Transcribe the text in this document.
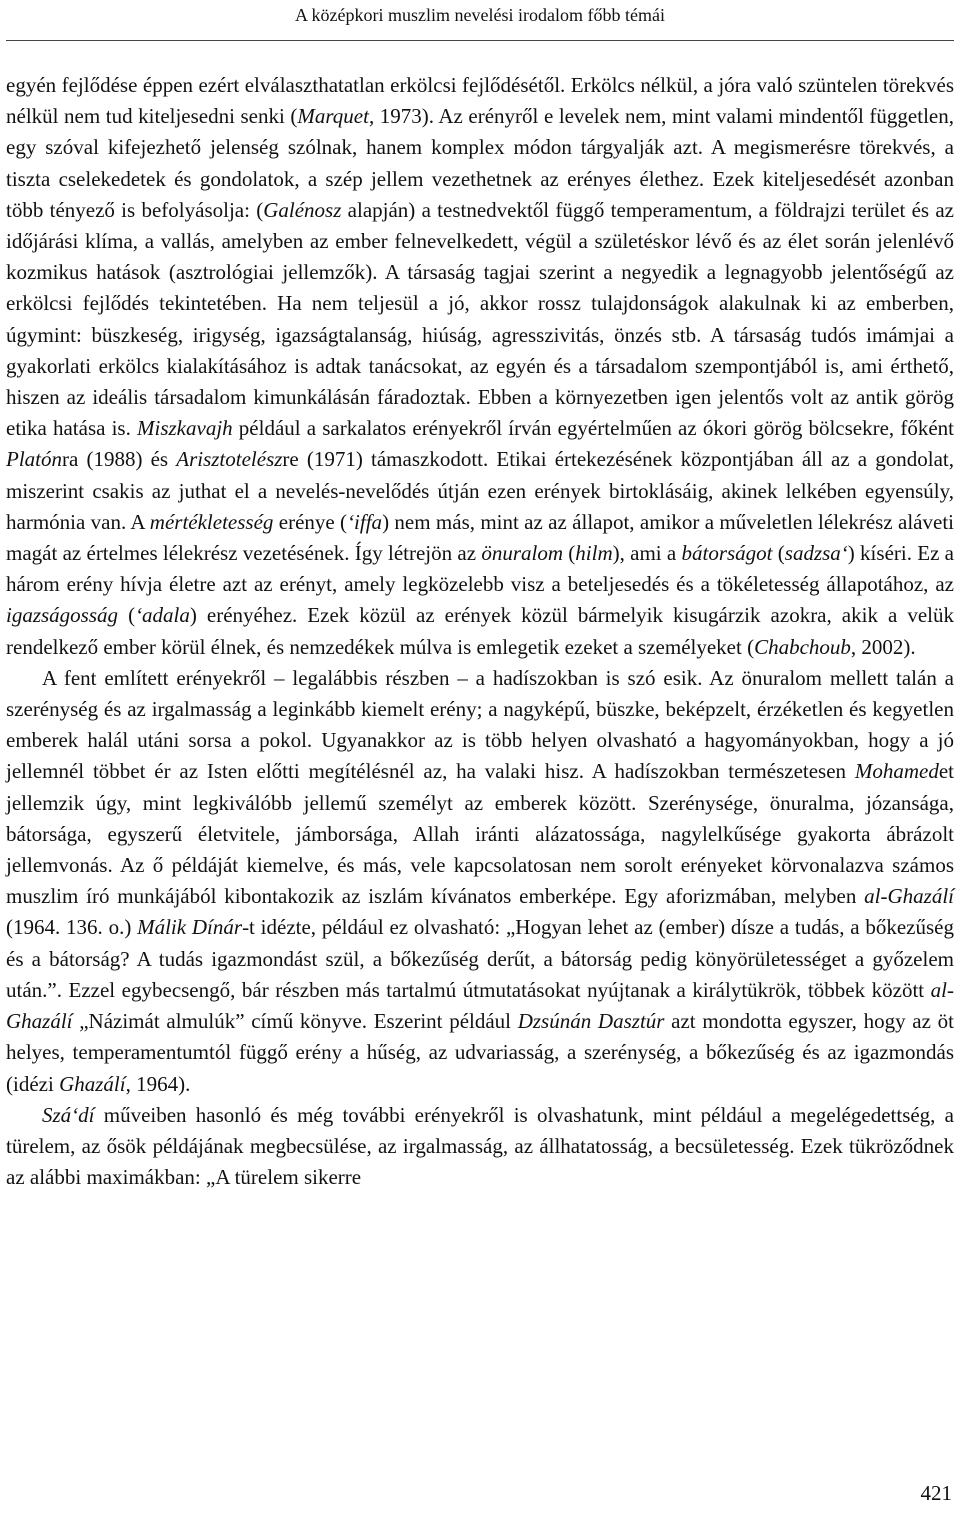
A középkori muszlim nevelési irodalom főbb témái

egyén fejlődése éppen ezért elválaszthatatlan erkölcsi fejlődésétől. Erkölcs nélkül, a jóra való szüntelen törekvés nélkül nem tud kiteljesedni senki (Marquet, 1973). Az erényről e levelek nem, mint valami mindentől független, egy szóval kifejezhető jelenség szólnak, hanem komplex módon tárgyalják azt. A megismerésre törekvés, a tiszta cselekedetek és gondolatok, a szép jellem vezethetnek az erényes élethez. Ezek kiteljesedését azonban több tényező is befolyásolja: (Galénosz alapján) a testnedvektől függő temperamentum, a földrajzi terület és az időjárási klíma, a vallás, amelyben az ember felnevelkedett, végül a születéskor lévő és az élet során jelenlévő kozmikus hatások (asztrológiai jellemzők). A társaság tagjai szerint a negyedik a legnagyobb jelentőségű az erkölcsi fejlődés tekintetében. Ha nem teljesül a jó, akkor rossz tulajdonságok alakulnak ki az emberben, úgymint: büszkeség, irigység, igazságtalanság, hiúság, agresszivitás, önzés stb. A társaság tudós imámjai a gyakorlati erkölcs kialakításához is adtak tanácsokat, az egyén és a társadalom szempontjából is, ami érthető, hiszen az ideális társadalom kimunkálásán fáradoztak. Ebben a környezetben igen jelentős volt az antik görög etika hatása is. Miszkavajh például a sarkalatos erényekről írván egyértelműen az ókori görög bölcsekre, főként Platónra (1988) és Arisztotelészre (1971) támaszkodott. Etikai értekezésének központjában áll az a gondolat, miszerint csakis az juthat el a nevelés-nevelődés útján ezen erények birtoklásáig, akinek lelkében egyensúly, harmónia van. A mértékletesség erénye (‘iffa) nem más, mint az az állapot, amikor a műveletlen lélekrész aláveti magát az értelmes lélekrész vezetésének. Így létrejön az önuralom (hilm), ami a bátorságot (sadzsa‘) kíséri. Ez a három erény hívja életre azt az erényt, amely legközelebb visz a beteljesedés és a tökéletesség állapotához, az igazságosság (‘adala) erényéhez. Ezek közül az erények közül bármelyik kisugárzik azokra, akik a velük rendelkező ember körül élnek, és nemzedékek múlva is emlegetik ezeket a személyeket (Chabchoub, 2002).

A fent említett erényekről – legalábbis részben – a hadíszokban is szó esik. Az önuralom mellett talán a szerénység és az irgalmasság a leginkább kiemelt erény; a nagyképű, büszke, beképzelt, érzéketlen és kegyetlen emberek halál utáni sorsa a pokol. Ugyanakkor az is több helyen olvasható a hagyományokban, hogy a jó jellemnél többet ér az Isten előtti megítélésnél az, ha valaki hisz. A hadíszokban természetesen Mohamedet jellemzik úgy, mint legkiválóbb jellemű személyt az emberek között. Szerénysége, önuralma, józansága, bátorsága, egyszerű életvitele, jámborsága, Allah iránti alázatossága, nagylelkűsége gyakorta ábrázolt jellemvonás. Az ő példáját kiemelve, és más, vele kapcsolatosan nem sorolt erényeket körvonalazva számos muszlim író munkájából kibontakozik az iszlám kívánatos emberképe. Egy aforizmában, melyben al-Ghazálí (1964. 136. o.) Málik Dínár-t idézte, például ez olvasható: „Hogyan lehet az (ember) dísze a tudás, a bőkezűség és a bátorság? A tudás igazmondást szül, a bőkezűség derűt, a bátorság pedig könyörületességet a győzelem után.”. Ezzel egybecsengő, bár részben más tartalmú útmutatásokat nyújtanak a királytükrök, többek között al-Ghazálí „Názimát almulúk” című könyve. Eszerint például Dzsúnán Dasztúr azt mondotta egyszer, hogy az öt helyes, temperamentumtól függő erény a hűség, az udvariasság, a szerénység, a bőkezűség és az igazmondás (idézi Ghazálí, 1964).

Szá‘dí műveiben hasonló és még további erényekről is olvashatunk, mint például a megelégedettség, a türelem, az ősök példájának megbecsülése, az irgalmasság, az állhatatosság, a becsületesség. Ezek tükröződnek az alábbi maximákban: „A türelem sikerre

421
